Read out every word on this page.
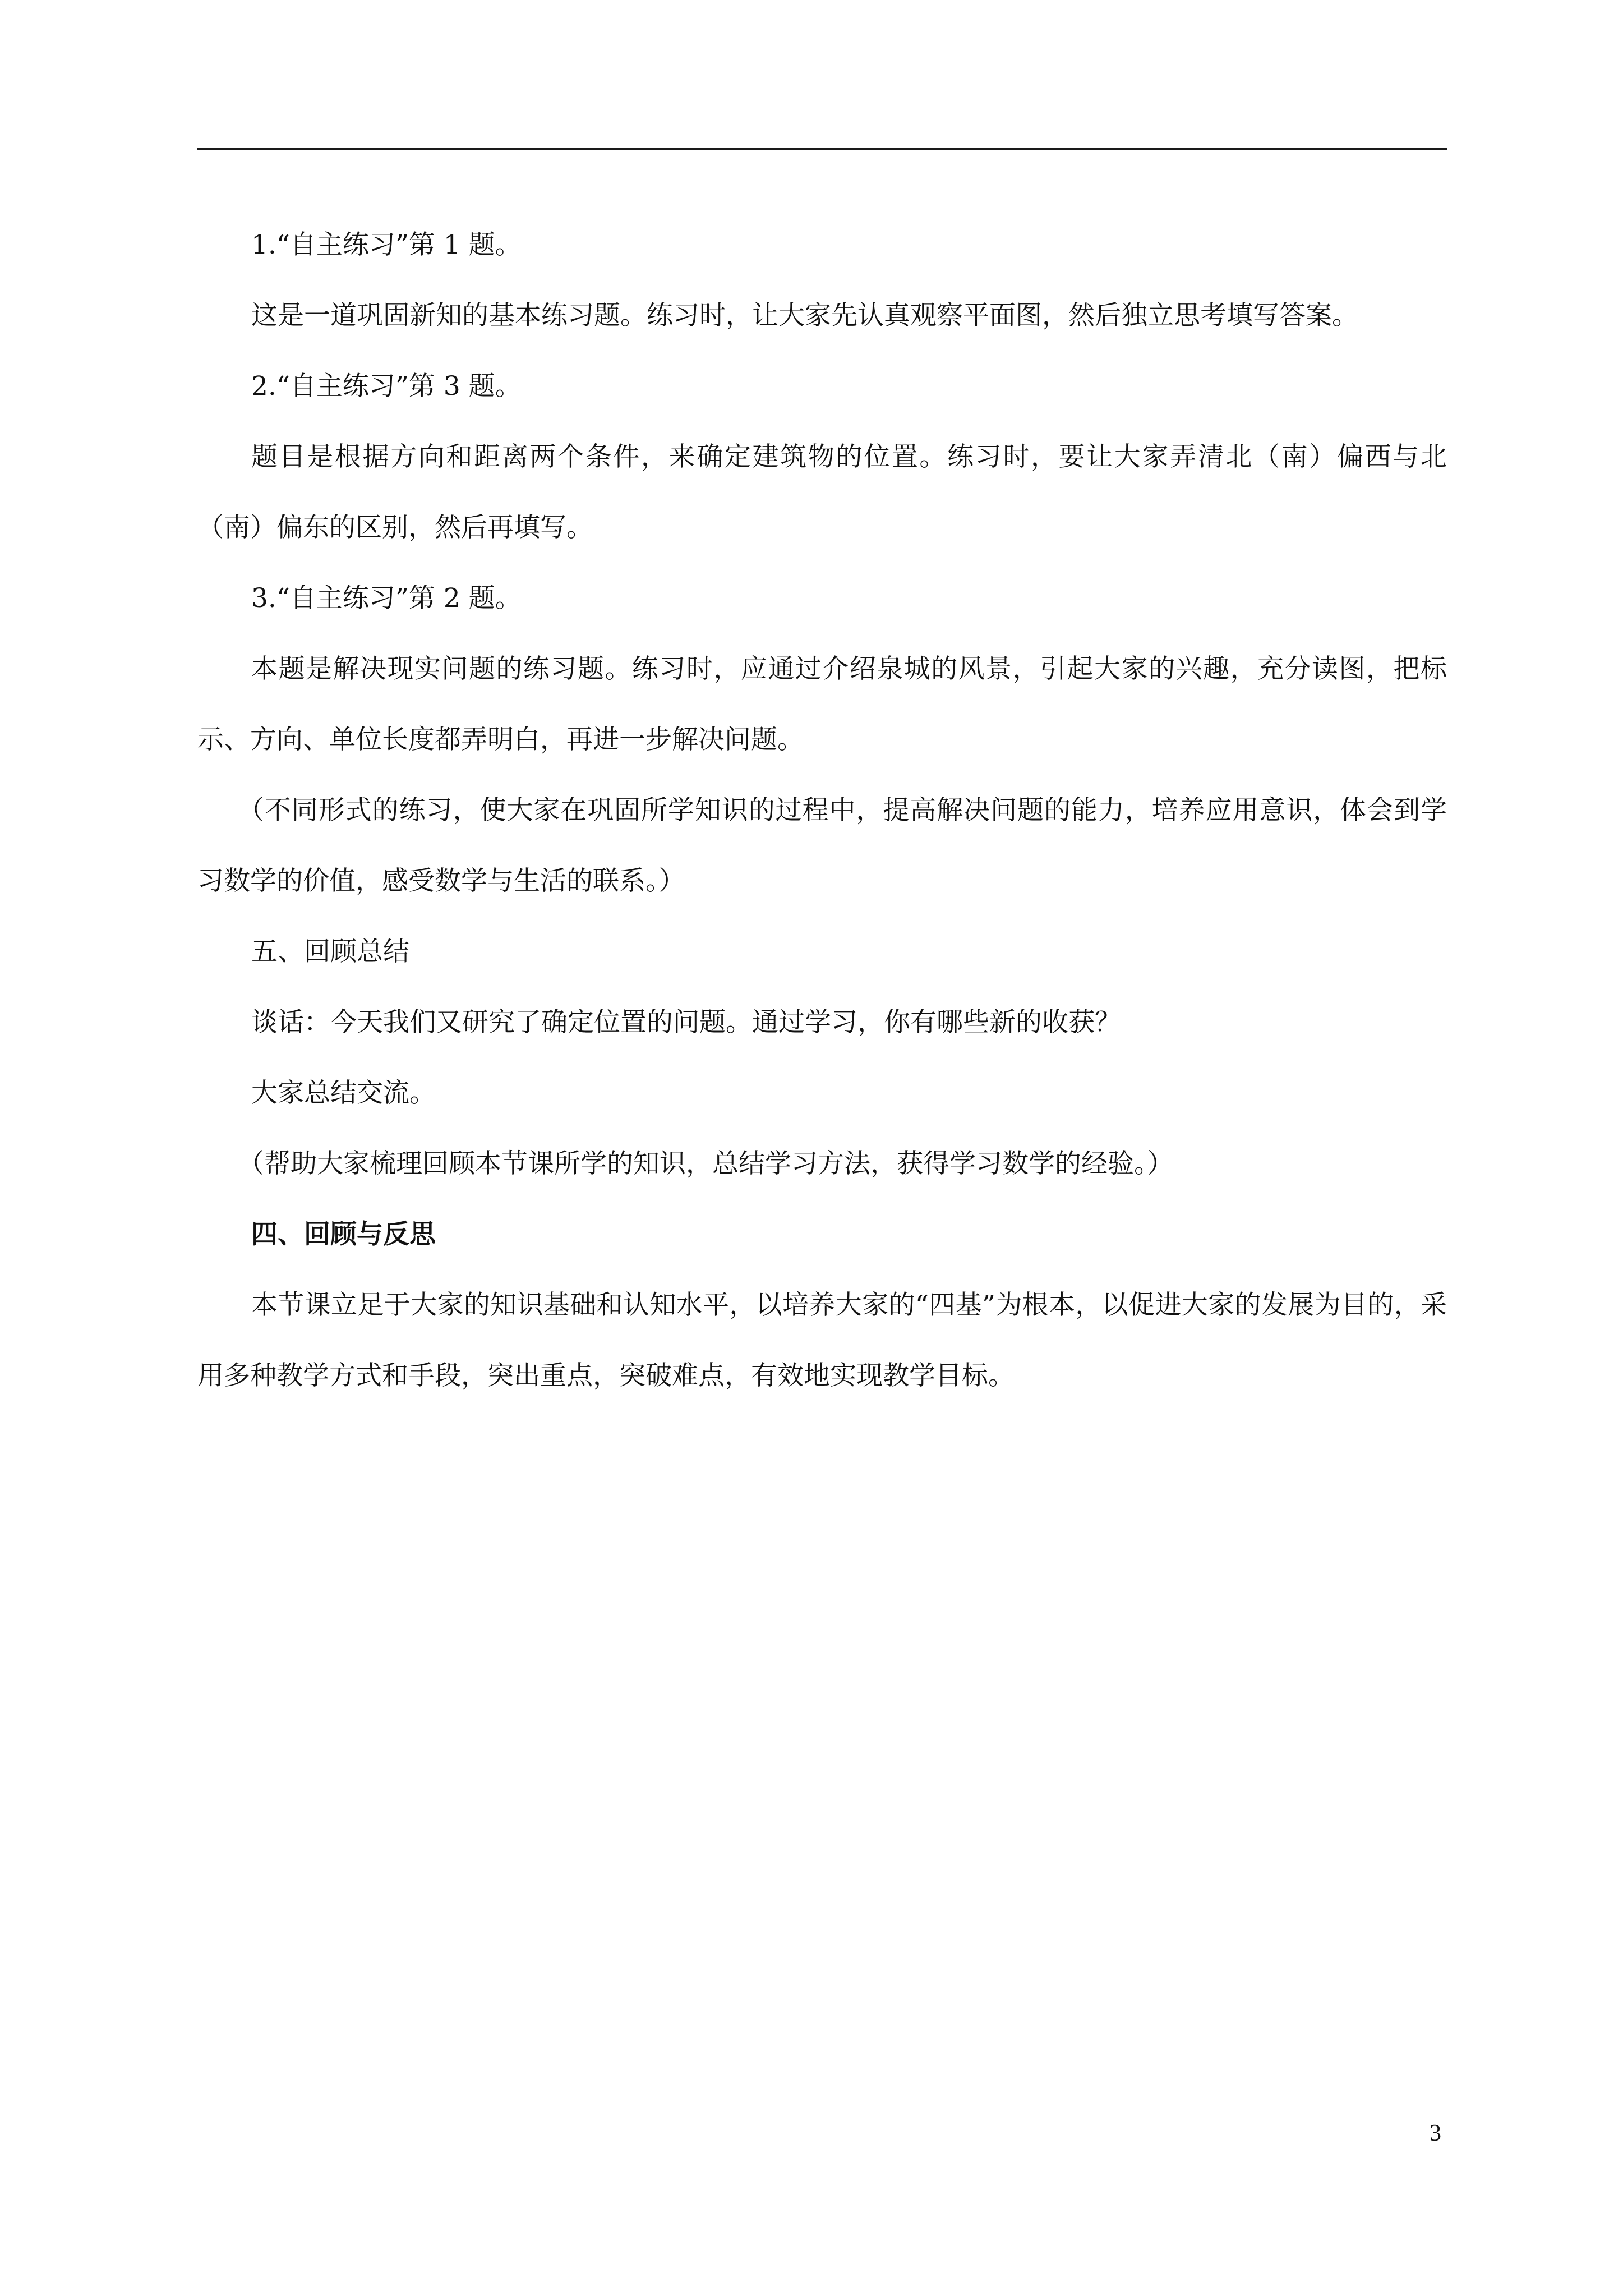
1.“自主练习”第 1 题。

这是一道巩固新知的基本练习题。练习时，让大家先认真观察平面图，然后独立思考填写答案。

2.“自主练习”第 3 题。

题目是根据方向和距离两个条件，来确定建筑物的位置。练习时，要让大家弄清北（南）偏西与北（南）偏东的区别，然后再填写。

3.“自主练习”第 2 题。

本题是解决现实问题的练习题。练习时，应通过介绍泉城的风景，引起大家的兴趣，充分读图，把标示、方向、单位长度都弄明白，再进一步解决问题。

（不同形式的练习，使大家在巩固所学知识的过程中，提高解决问题的能力，培养应用意识，体会到学习数学的价值，感受数学与生活的联系。）

五、回顾总结

谈话：今天我们又研究了确定位置的问题。通过学习，你有哪些新的收获？

大家总结交流。

（帮助大家梳理回顾本节课所学的知识，总结学习方法，获得学习数学的经验。）

四、回顾与反思

本节课立足于大家的知识基础和认知水平，以培养大家的“四基”为根本，以促进大家的发展为目的，采用多种教学方式和手段，突出重点，突破难点，有效地实现教学目标。

3
